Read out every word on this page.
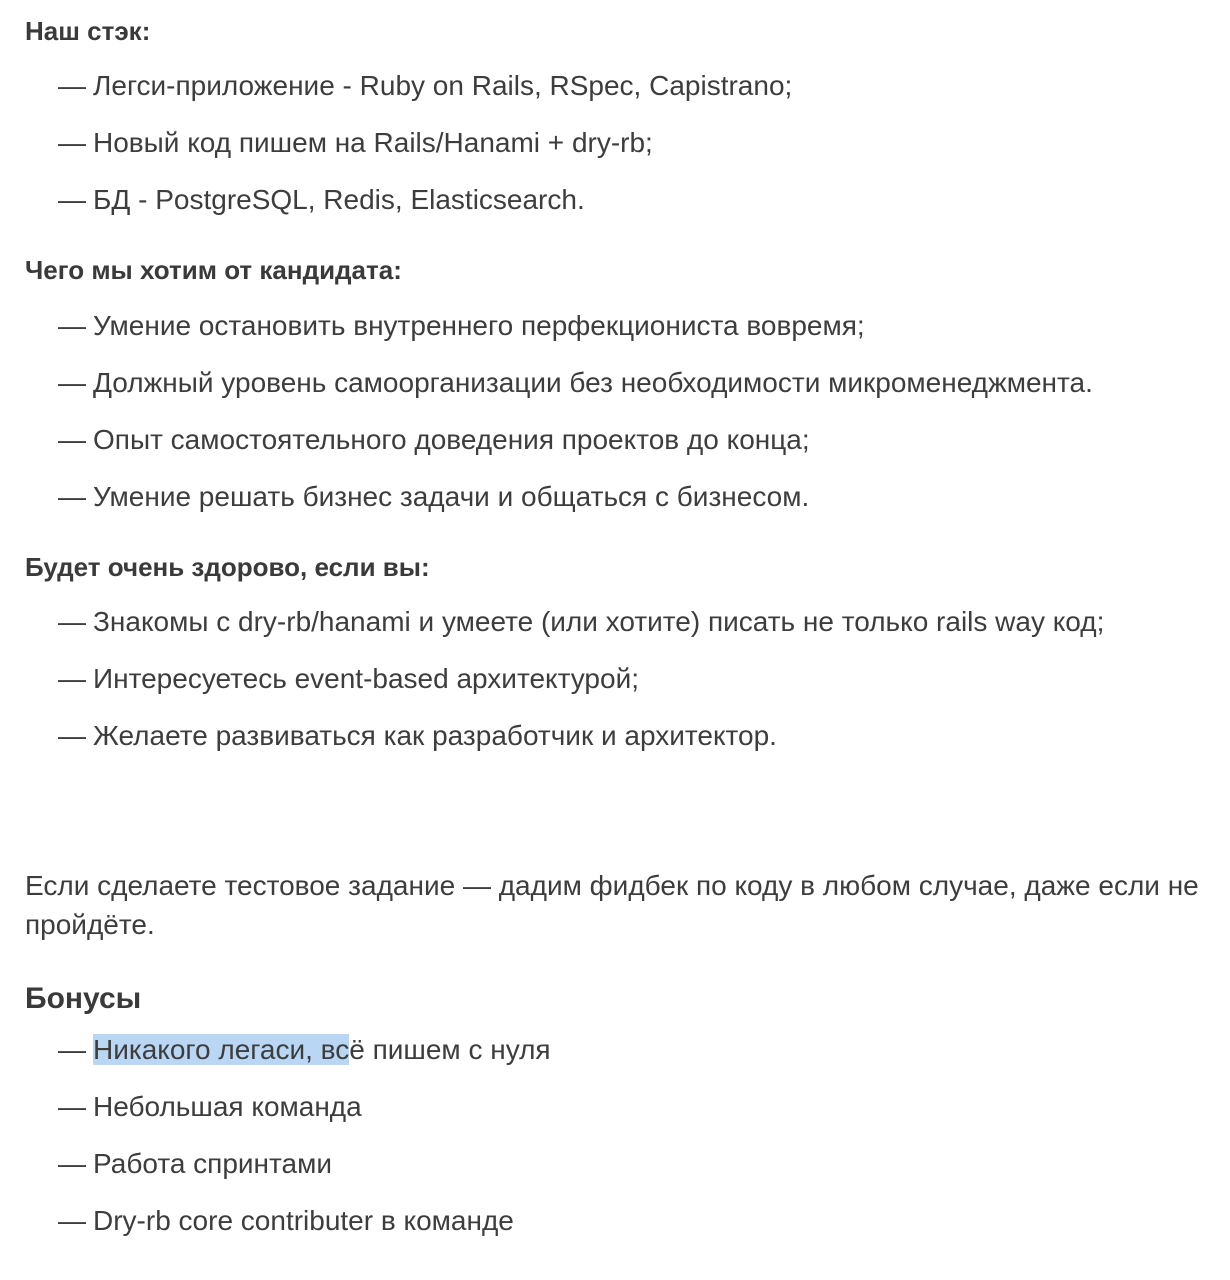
Наш стэк:
— Легси-приложение - Ruby on Rails, RSpec, Capistrano;
— Новый код пишем на Rails/Hanami + dry-rb;
— БД - PostgreSQL, Redis, Elasticsearch.
Чего мы хотим от кандидата:
— Умение остановить внутреннего перфекциониста вовремя;
— Должный уровень самоорганизации без необходимости микроменеджмента.
— Опыт самостоятельного доведения проектов до конца;
— Умение решать бизнес задачи и общаться с бизнесом.
Будет очень здорово, если вы:
— Знакомы с dry-rb/hanami и умеете (или хотите) писать не только rails way код;
— Интересуетесь event-based архитектурой;
— Желаете развиваться как разработчик и архитектор.
Если сделаете тестовое задание — дадим фидбек по коду в любом случае, даже если не пройдёте.
Бонусы
— Никакого легаси, всё пишем с нуля
— Небольшая команда
— Работа спринтами
— Dry-rb core contributer в команде
